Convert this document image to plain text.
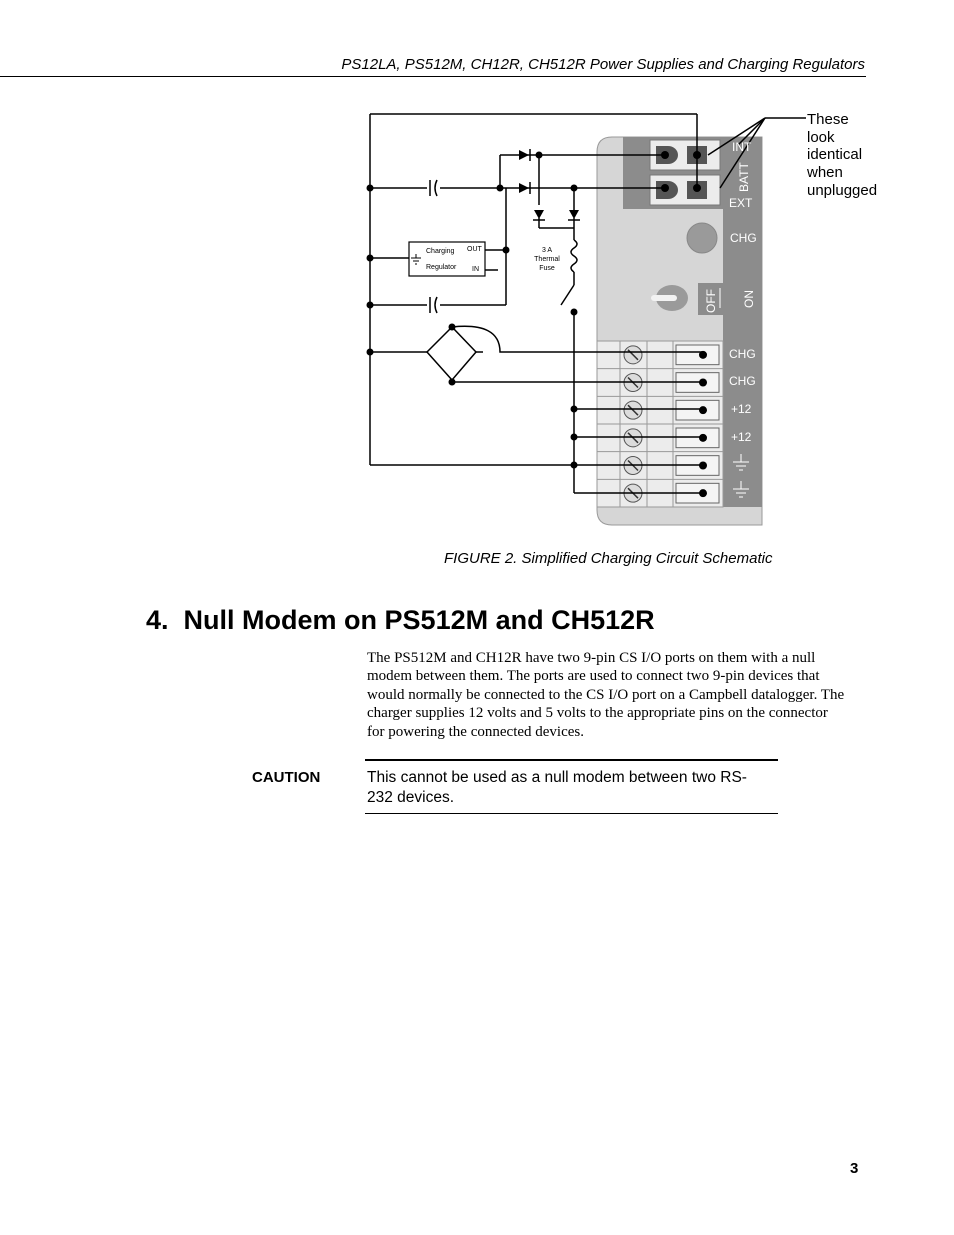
PS12LA, PS512M, CH12R, CH512R Power Supplies and Charging Regulators
Charging
Regulator
OUT
IN
3 A
Thermal
Fuse
INT
BATT
EXT
CHG
OFF ON
CHG
CHG
+12
+12
These
look
identical
when
unplugged
FIGURE 2. Simplified Charging Circuit Schematic
4. Null Modem on PS512M and CH512R

The PS512M and CH12R have two 9-pin CS I/O ports on them with a null modem between them. The ports are used to connect two 9-pin devices that would normally be connected to the CS I/O port on a Campbell datalogger. The charger supplies 12 volts and 5 volts to the appropriate pins on the connector for powering the connected devices.

CAUTION	This cannot be used as a null modem between two RS-232 devices.
3
